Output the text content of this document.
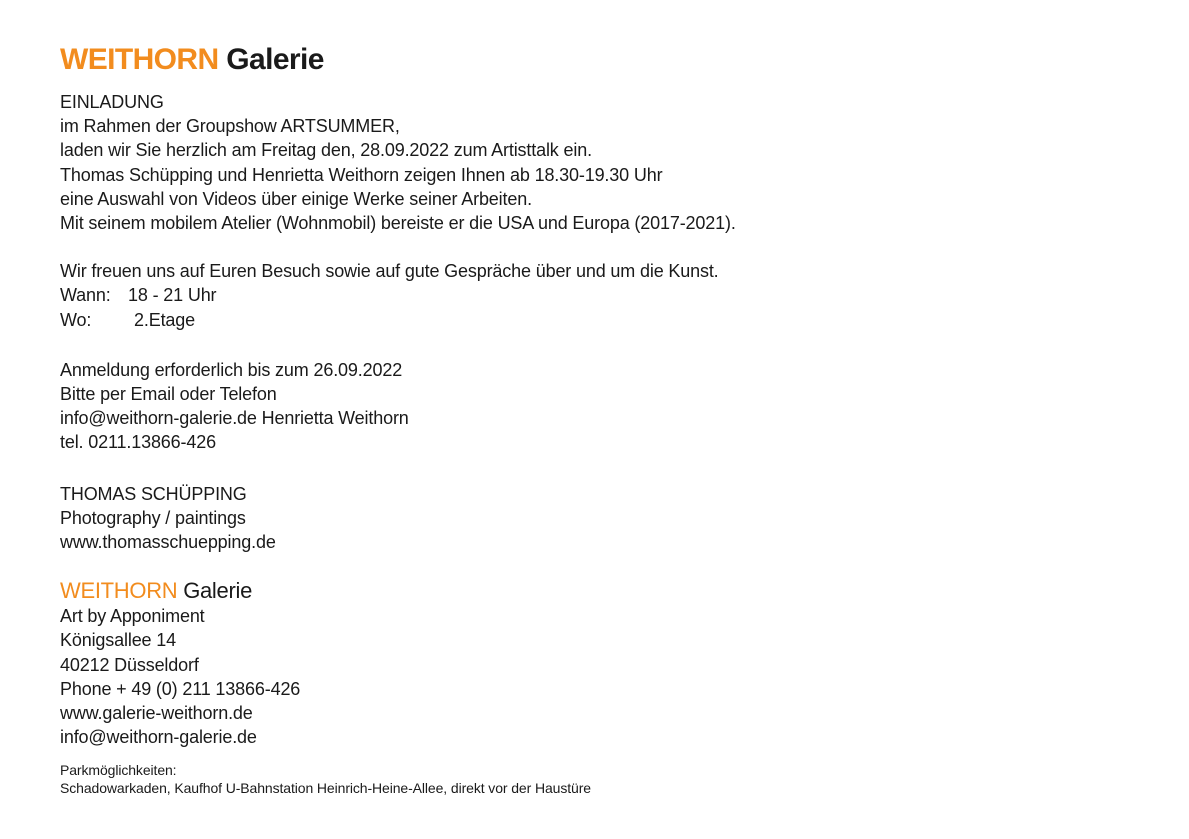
WEITHORN Galerie
EINLADUNG
im Rahmen der Groupshow ARTSUMMER,
laden wir Sie herzlich am Freitag den, 28.09.2022 zum Artisttalk ein.
Thomas Schüpping und Henrietta Weithorn zeigen Ihnen ab 18.30-19.30 Uhr
eine Auswahl von Videos über einige Werke seiner Arbeiten.
Mit seinem mobilem Atelier (Wohnmobil) bereiste er die USA und Europa (2017-2021).
Wir freuen uns auf Euren Besuch sowie auf gute Gespräche über und um die Kunst.
Wann: 18 - 21 Uhr
Wo: 2.Etage
Anmeldung erforderlich bis zum 26.09.2022
Bitte per Email oder Telefon
info@weithorn-galerie.de Henrietta Weithorn
tel. 0211.13866-426
THOMAS SCHÜPPING
Photography / paintings
www.thomasschuepping.de
WEITHORN Galerie
Art by Apponiment
Königsallee 14
40212 Düsseldorf
Phone + 49 (0) 211 13866-426
www.galerie-weithorn.de
info@weithorn-galerie.de
Parkmöglichkeiten:
Schadowarkaden, Kaufhof U-Bahnstation Heinrich-Heine-Allee, direkt vor der Haustüre
